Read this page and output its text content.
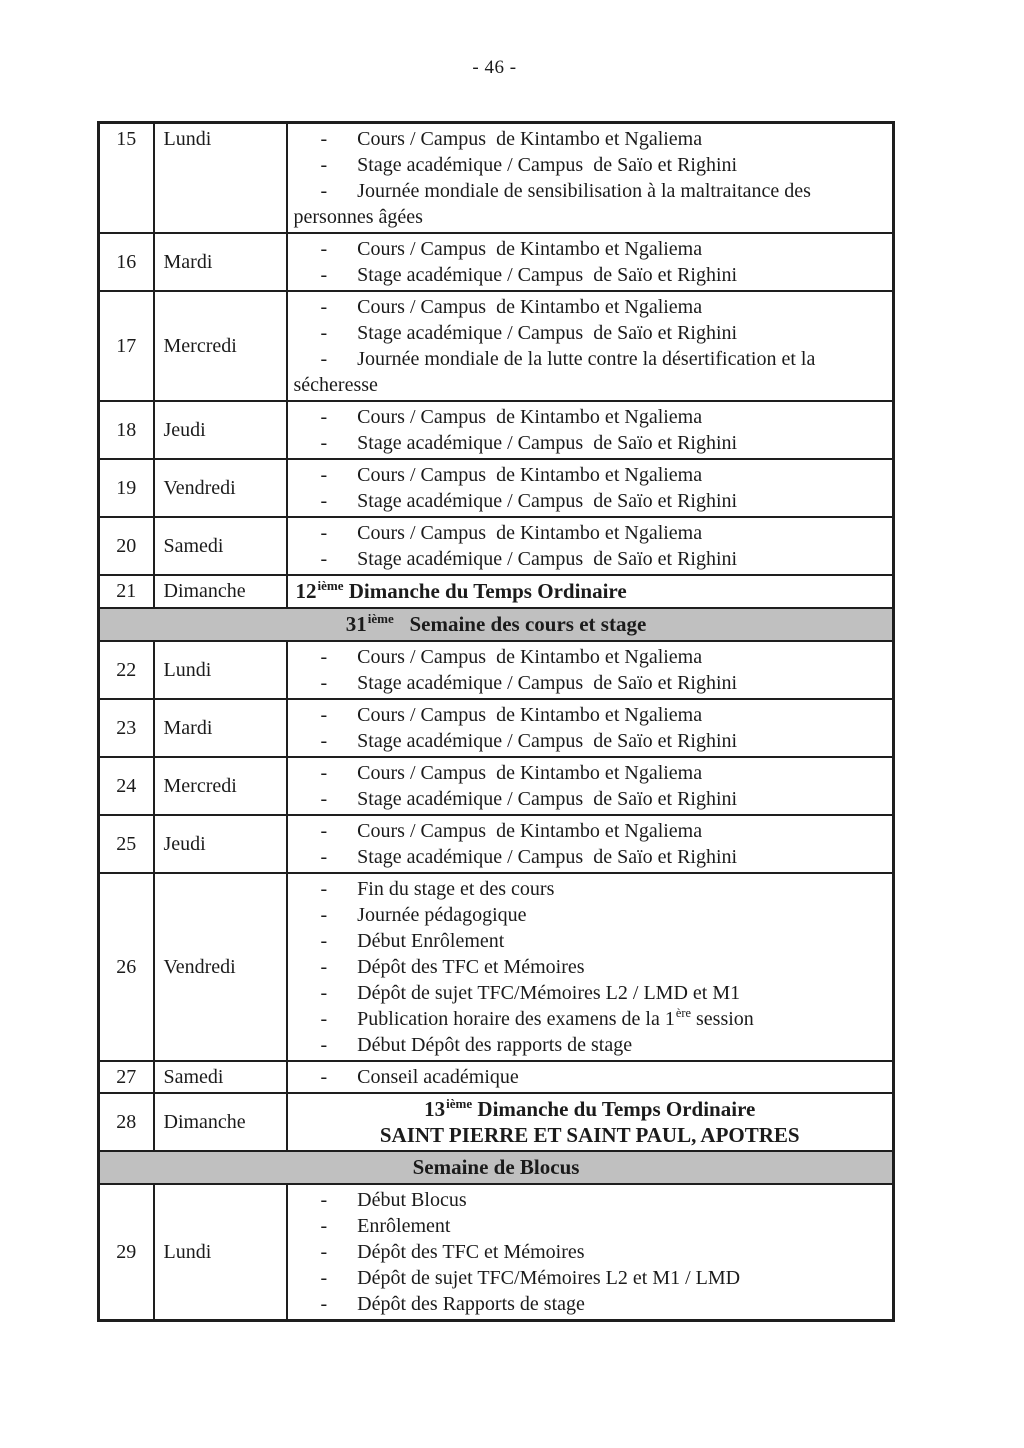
- 46 -
15	Lundi	- Cours / Campus  de Kintambo et Ngaliema
- Stage académique / Campus  de Saïo et Righini
- Journée mondiale de sensibilisation à la maltraitance des personnes âgées

16	Mardi	- Cours / Campus  de Kintambo et Ngaliema
- Stage académique / Campus  de Saïo et Righini

17	Mercredi	- Cours / Campus  de Kintambo et Ngaliema
- Stage académique / Campus  de Saïo et Righini
- Journée mondiale de la lutte contre la désertification et la sécheresse

18	Jeudi	- Cours / Campus  de Kintambo et Ngaliema
- Stage académique / Campus  de Saïo et Righini

19	Vendredi	- Cours / Campus  de Kintambo et Ngaliema
- Stage académique / Campus  de Saïo et Righini

20	Samedi	- Cours / Campus  de Kintambo et Ngaliema
- Stage académique / Campus  de Saïo et Righini

21	Dimanche	12ième Dimanche du Temps Ordinaire

31ième   Semaine des cours et stage		
22	Lundi	- Cours / Campus  de Kintambo et Ngaliema
- Stage académique / Campus  de Saïo et Righini

23	Mardi	- Cours / Campus  de Kintambo et Ngaliema
- Stage académique / Campus  de Saïo et Righini

24	Mercredi	- Cours / Campus  de Kintambo et Ngaliema
- Stage académique / Campus  de Saïo et Righini

25	Jeudi	- Cours / Campus  de Kintambo et Ngaliema
- Stage académique / Campus  de Saïo et Righini

26	Vendredi	
- Fin du stage et des cours
- Journée pédagogique
- Début Enrôlement
- Dépôt des TFC et Mémoires
- Dépôt de sujet TFC/Mémoires L2 / LMD et M1
- Publication horaire des examens de la 1ère session
- Début Dépôt des rapports de stage

27	Samedi	- Conseil académique

28	Dimanche	13ième Dimanche du Temps Ordinaire
SAINT PIERRE ET SAINT PAUL, APOTRES

Semaine de Blocus		
29	Lundi	- Début Blocus
- Enrôlement
- Dépôt des TFC et Mémoires
- Dépôt de sujet TFC/Mémoires L2 et M1 / LMD
- Dépôt des Rapports de stage
